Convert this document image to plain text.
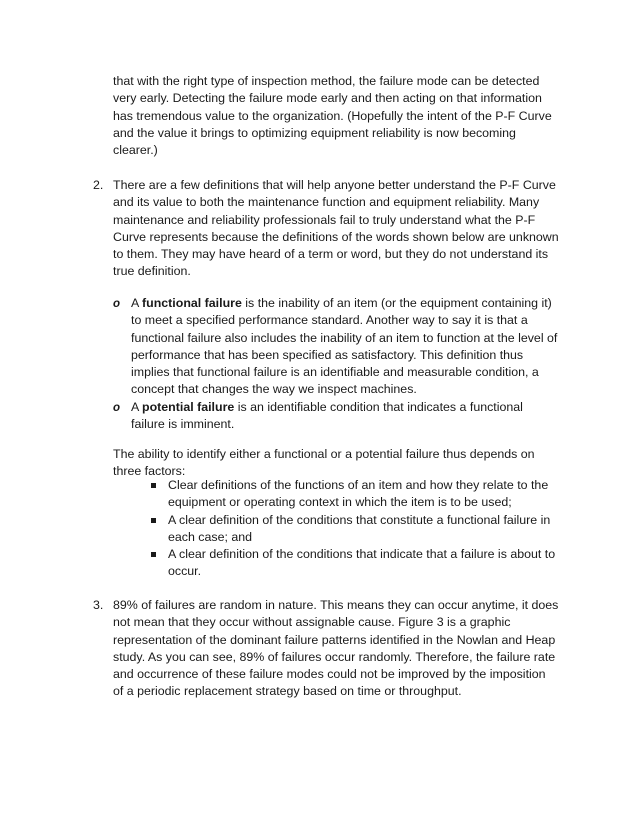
that with the right type of inspection method, the failure mode can be detected
very early. Detecting the failure mode early and then acting on that information
has tremendous value to the organization. (Hopefully the intent of the P-F Curve
and the value it brings to optimizing equipment reliability is now becoming
clearer.)
2. There are a few definitions that will help anyone better understand the P-F Curve
and its value to both the maintenance function and equipment reliability. Many
maintenance and reliability professionals fail to truly understand what the P-F
Curve represents because the definitions of the words shown below are unknown
to them. They may have heard of a term or word, but they do not understand its
true definition.
o A functional failure is the inability of an item (or the equipment containing it)
to meet a specified performance standard. Another way to say it is that a
functional failure also includes the inability of an item to function at the level of
performance that has been specified as satisfactory. This definition thus
implies that functional failure is an identifiable and measurable condition, a
concept that changes the way we inspect machines.
o A potential failure is an identifiable condition that indicates a functional
failure is imminent.
The ability to identify either a functional or a potential failure thus depends on
three factors:
Clear definitions of the functions of an item and how they relate to the
equipment or operating context in which the item is to be used;
A clear definition of the conditions that constitute a functional failure in
each case; and
A clear definition of the conditions that indicate that a failure is about to
occur.
3. 89% of failures are random in nature. This means they can occur anytime, it does
not mean that they occur without assignable cause. Figure 3 is a graphic
representation of the dominant failure patterns identified in the Nowlan and Heap
study. As you can see, 89% of failures occur randomly. Therefore, the failure rate
and occurrence of these failure modes could not be improved by the imposition
of a periodic replacement strategy based on time or throughput.
